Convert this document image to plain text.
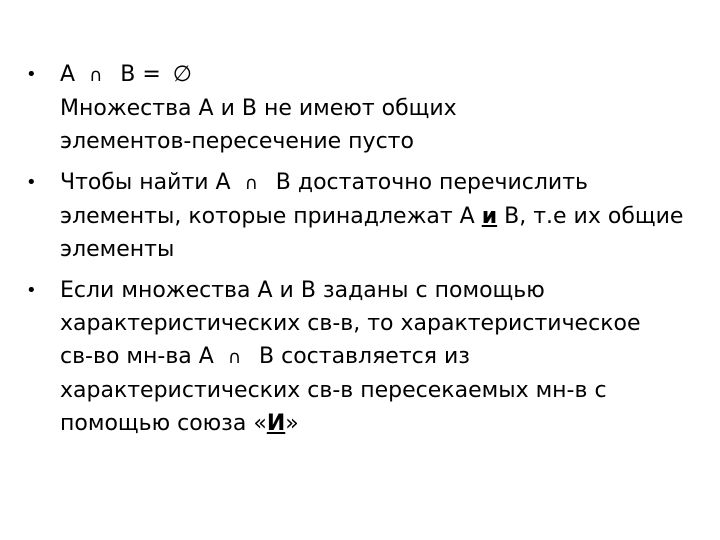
• A ∩ B = ∅
Множества А и В не имеют общих
элементов-пересечение пусто
• Чтобы найти А ∩ В достаточно перечислить
элементы, которые принадлежат А и В, т.е их общие
элементы
• Если множества А и В заданы с помощью
характеристических св-в, то характеристическое
св-во мн-ва А ∩ В составляется из
характеристических св-в пересекаемых мн-в с
помощью союза «И»
